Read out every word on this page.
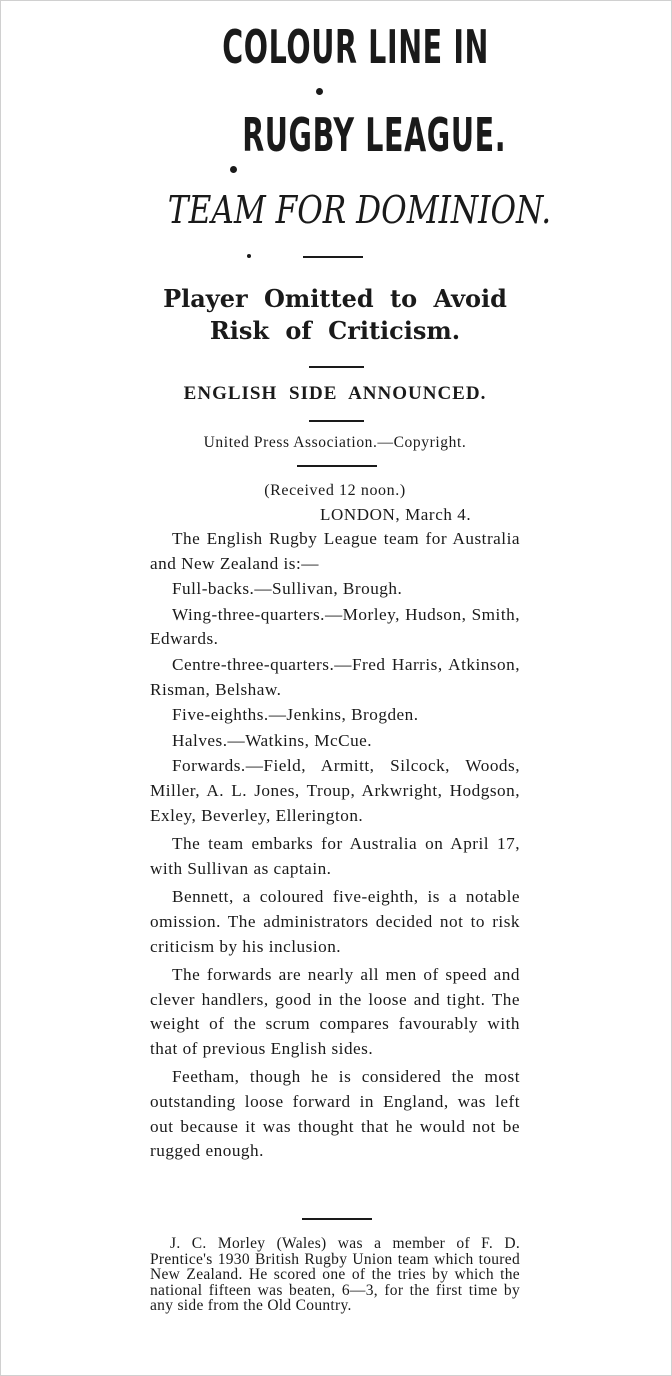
COLOUR LINE IN
RUGBY LEAGUE.
TEAM FOR DOMINION.
Player Omitted to Avoid
Risk of Criticism.
ENGLISH SIDE ANNOUNCED.
United Press Association.—Copyright.
(Received 12 noon.)
LONDON, March 4.

The English Rugby League team for Australia and New Zealand is:—

Full-backs.—Sullivan, Brough.

Wing-three-quarters.—Morley, Hudson, Smith, Edwards.

Centre-three-quarters.—Fred Harris, Atkinson, Risman, Belshaw.

Five-eighths.—Jenkins, Brogden.

Halves.—Watkins, McCue.

Forwards.—Field, Armitt, Silcock, Woods, Miller, A. L. Jones, Troup, Arkwright, Hodgson, Exley, Beverley, Ellerington.

The team embarks for Australia on April 17, with Sullivan as captain.

Bennett, a coloured five-eighth, is a notable omission. The administrators decided not to risk criticism by his inclusion.

The forwards are nearly all men of speed and clever handlers, good in the loose and tight. The weight of the scrum compares favourably with that of previous English sides.

Feetham, though he is considered the most outstanding loose forward in England, was left out because it was thought that he would not be rugged enough.

J. C. Morley (Wales) was a member of F. D. Prentice's 1930 British Rugby Union team which toured New Zealand. He scored one of the tries by which the national fifteen was beaten, 6—3, for the first time by any side from the Old Country.
